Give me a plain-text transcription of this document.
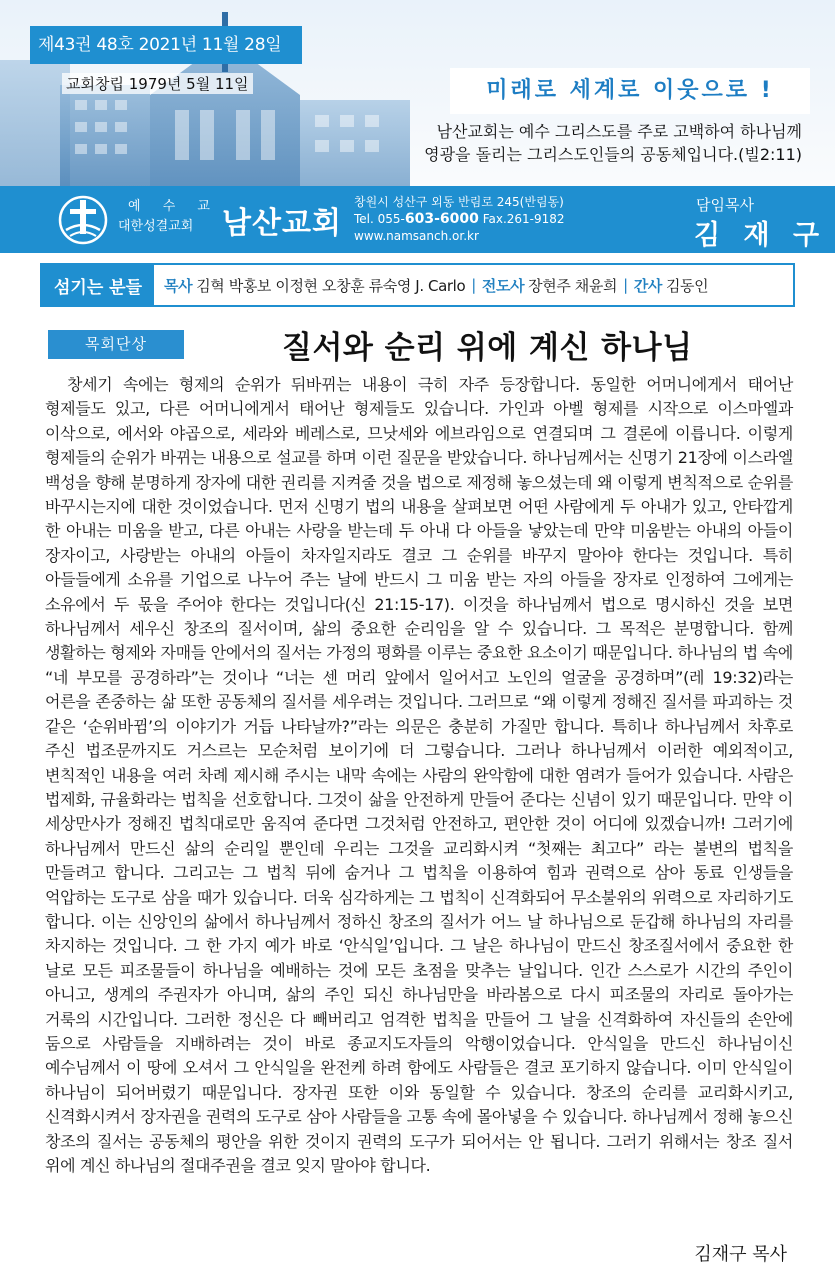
제43권 48호 2021년 11월 28일
교회창립 1979년 5월 11일	미래로 세계로 이웃으로 !
남산교회는 예수 그리스도를 주로 고백하여 하나님께
영광을 돌리는 그리스도인들의 공동체입니다.(빌2:11)
예 수 교
대한성결교회 남산교회
창원시 성산구 외동 반림로 245(반림동)
Tel. 055-603-6000 Fax.261-9182
www.namsanch.or.kr
담임목사
김 재 구
섬기는 분들	목사 김혁 박홍보 이정현 오창훈 류숙영 J. Carlo | 전도사 장현주 채윤희 | 간사 김동인
목회단상	질서와 순리 위에 계신 하나님

창세기 속에는 형제의 순위가 뒤바뀌는 내용이 극히 자주 등장합니다. 동일한 어머니에게서 태어난 형제들도 있고, 다른 어머니에게서 태어난 형제들도 있습니다. 가인과 아벨 형제를 시작으로 이스마엘과 이삭으로, 에서와 야곱으로, 세라와 베레스로, 므낫세와 에브라임으로 연결되며 그 결론에 이릅니다. 이렇게 형제들의 순위가 바뀌는 내용으로 설교를 하며 이런 질문을 받았습니다. 하나님께서는 신명기 21장에 이스라엘 백성을 향해 분명하게 장자에 대한 권리를 지켜줄 것을 법으로 제정해 놓으셨는데 왜 이렇게 변칙적으로 순위를 바꾸시는지에 대한 것이었습니다. 먼저 신명기 법의 내용을 살펴보면 어떤 사람에게 두 아내가 있고, 안타깝게 한 아내는 미움을 받고, 다른 아내는 사랑을 받는데 두 아내 다 아들을 낳았는데 만약 미움받는 아내의 아들이 장자이고, 사랑받는 아내의 아들이 차자일지라도 결코 그 순위를 바꾸지 말아야 한다는 것입니다. 특히 아들들에게 소유를 기업으로 나누어 주는 날에 반드시 그 미움 받는 자의 아들을 장자로 인정하여 그에게는 소유에서 두 몫을 주어야 한다는 것입니다(신 21:15-17). 이것을 하나님께서 법으로 명시하신 것을 보면 하나님께서 세우신 창조의 질서이며, 삶의 중요한 순리임을 알 수 있습니다. 그 목적은 분명합니다. 함께 생활하는 형제와 자매들 안에서의 질서는 가정의 평화를 이루는 중요한 요소이기 때문입니다. 하나님의 법 속에 “네 부모를 공경하라”는 것이나 “너는 센 머리 앞에서 일어서고 노인의 얼굴을 공경하며”(레 19:32)라는 어른을 존중하는 삶 또한 공동체의 질서를 세우려는 것입니다. 그러므로 “왜 이렇게 정해진 질서를 파괴하는 것 같은 ‘순위바뀜’의 이야기가 거듭 나타날까?”라는 의문은 충분히 가질만 합니다. 특히나 하나님께서 차후로 주신 법조문까지도 거스르는 모순처럼 보이기에 더 그렇습니다. 그러나 하나님께서 이러한 예외적이고, 변칙적인 내용을 여러 차례 제시해 주시는 내막 속에는 사람의 완악함에 대한 염려가 들어가 있습니다. 사람은 법제화, 규율화라는 법칙을 선호합니다. 그것이 삶을 안전하게 만들어 준다는 신념이 있기 때문입니다. 만약 이 세상만사가 정해진 법칙대로만 움직여 준다면 그것처럼 안전하고, 편안한 것이 어디에 있겠습니까! 그러기에 하나님께서 만드신 삶의 순리일 뿐인데 우리는 그것을 교리화시켜 “첫째는 최고다” 라는 불변의 법칙을 만들려고 합니다. 그리고는 그 법칙 뒤에 숨거나 그 법칙을 이용하여 힘과 권력으로 삼아 동료 인생들을 억압하는 도구로 삼을 때가 있습니다. 더욱 심각하게는 그 법칙이 신격화되어 무소불위의 위력으로 자리하기도 합니다. 이는 신앙인의 삶에서 하나님께서 정하신 창조의 질서가 어느 날 하나님으로 둔갑해 하나님의 자리를 차지하는 것입니다. 그 한 가지 예가 바로 ‘안식일’입니다. 그 날은 하나님이 만드신 창조질서에서 중요한 한 날로 모든 피조물들이 하나님을 예배하는 것에 모든 초점을 맞추는 날입니다. 인간 스스로가 시간의 주인이 아니고, 생계의 주권자가 아니며, 삶의 주인 되신 하나님만을 바라봄으로 다시 피조물의 자리로 돌아가는 거룩의 시간입니다. 그러한 정신은 다 빼버리고 엄격한 법칙을 만들어 그 날을 신격화하여 자신들의 손안에 둠으로 사람들을 지배하려는 것이 바로 종교지도자들의 악행이었습니다. 안식일을 만드신 하나님이신 예수님께서 이 땅에 오셔서 그 안식일을 완전케 하려 함에도 사람들은 결코 포기하지 않습니다. 이미 안식일이 하나님이 되어버렸기 때문입니다. 장자권 또한 이와 동일할 수 있습니다. 창조의 순리를 교리화시키고, 신격화시켜서 장자권을 권력의 도구로 삼아 사람들을 고통 속에 몰아넣을 수 있습니다. 하나님께서 정해 놓으신 창조의 질서는 공동체의 평안을 위한 것이지 권력의 도구가 되어서는 안 됩니다. 그러기 위해서는 창조 질서 위에 계신 하나님의 절대주권을 결코 잊지 말아야 합니다.

김재구 목사
